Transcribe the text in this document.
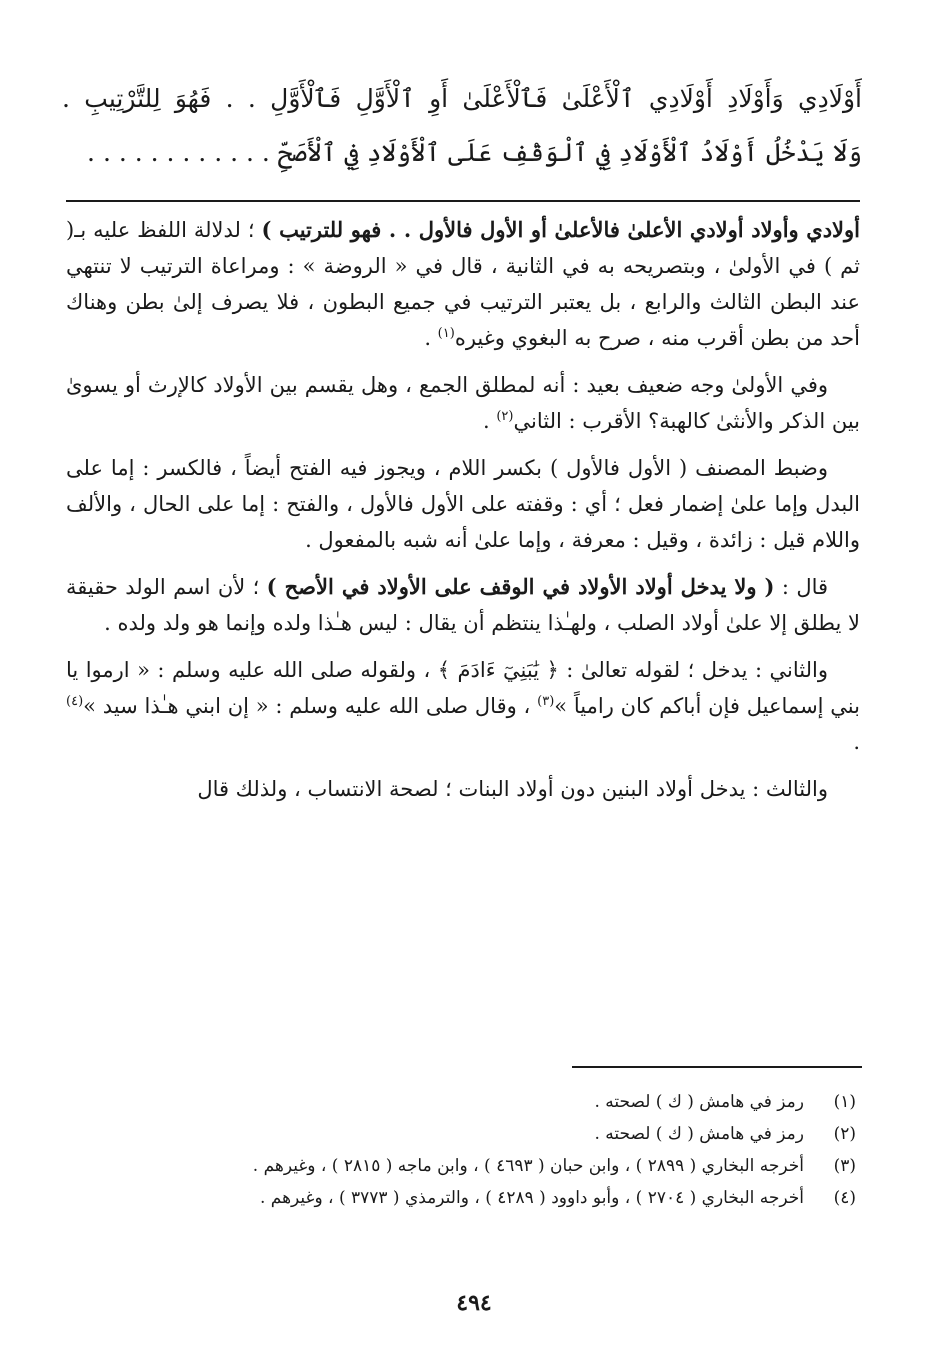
أَوْلَادِي وَأَوْلَادِ أَوْلَادِي ٱلْأَعْلَىٰ فَٱلْأَعْلَىٰ أَوِ ٱلْأَوَّلِ فَٱلْأَوَّلِ . . فَهُوَ لِلتَّرْتِيبِ .

وَلَا يَدْخُلُ أَوْلَادُ ٱلْأَوْلَادِ فِي ٱلْوَقْفِ عَلَى ٱلْأَوْلَادِ فِي ٱلْأَصَحِّ . . . . . . . . . . . .

أولادي وأولاد أولادي الأعلىٰ فالأعلىٰ أو الأول فالأول . . فهو للترتيب ) ؛ لدلالة اللفظ عليه بـ( ثم ) في الأولىٰ ، وبتصريحه به في الثانية ، قال في « الروضة » : ومراعاة الترتيب لا تنتهي عند البطن الثالث والرابع ، بل يعتبر الترتيب في جميع البطون ، فلا يصرف إلىٰ بطن وهناك أحد من بطن أقرب منه ، صرح به البغوي وغيره$^{(١)}$ .

وفي الأولىٰ وجه ضعيف بعيد : أنه لمطلق الجمع ، وهل يقسم بين الأولاد كالإرث أو يسوىٰ بين الذكر والأنثىٰ كالهبة؟ الأقرب : الثاني$^{(٢)}$ .

وضبط المصنف ( الأول فالأول ) بكسر اللام ، ويجوز فيه الفتح أيضاً ، فالكسر : إما على البدل وإما علىٰ إضمار فعل ؛ أي : وقفته على الأول فالأول ، والفتح : إما على الحال ، والألف واللام قيل : زائدة ، وقيل : معرفة ، وإما علىٰ أنه شبه بالمفعول .

قال : ( ولا يدخل أولاد الأولاد في الوقف على الأولاد في الأصح ) ؛ لأن اسم الولد حقيقة لا يطلق إلا علىٰ أولاد الصلب ، ولهـٰذا ينتظم أن يقال : ليس هـٰذا ولده وإنما هو ولد ولده .

والثاني : يدخل ؛ لقوله تعالىٰ : ﴿ يَٰبَنِيٓ ءَادَمَ ﴾ ، ولقوله صلى الله عليه وسلم : « ارموا يا بني إسماعيل فإن أباكم كان رامياً »$^{(٣)}$ ، وقال صلى الله عليه وسلم : « إن ابني هـٰذا سيد »$^{(٤)}$ .

والثالث : يدخل أولاد البنين دون أولاد البنات ؛ لصحة الانتساب ، ولذلك قال

(١)
رمز في هامش ( ك ) لصحته .
(٢)
رمز في هامش ( ك ) لصحته .
(٣)
أخرجه البخاري ( ٢٨٩٩ ) ، وابن حبان ( ٤٦٩٣ ) ، وابن ماجه ( ٢٨١٥ ) ، وغيرهم .
(٤)
أخرجه البخاري ( ٢٧٠٤ ) ، وأبو داوود ( ٤٢٨٩ ) ، والترمذي ( ٣٧٧٣ ) ، وغيرهم .
٤٩٤
